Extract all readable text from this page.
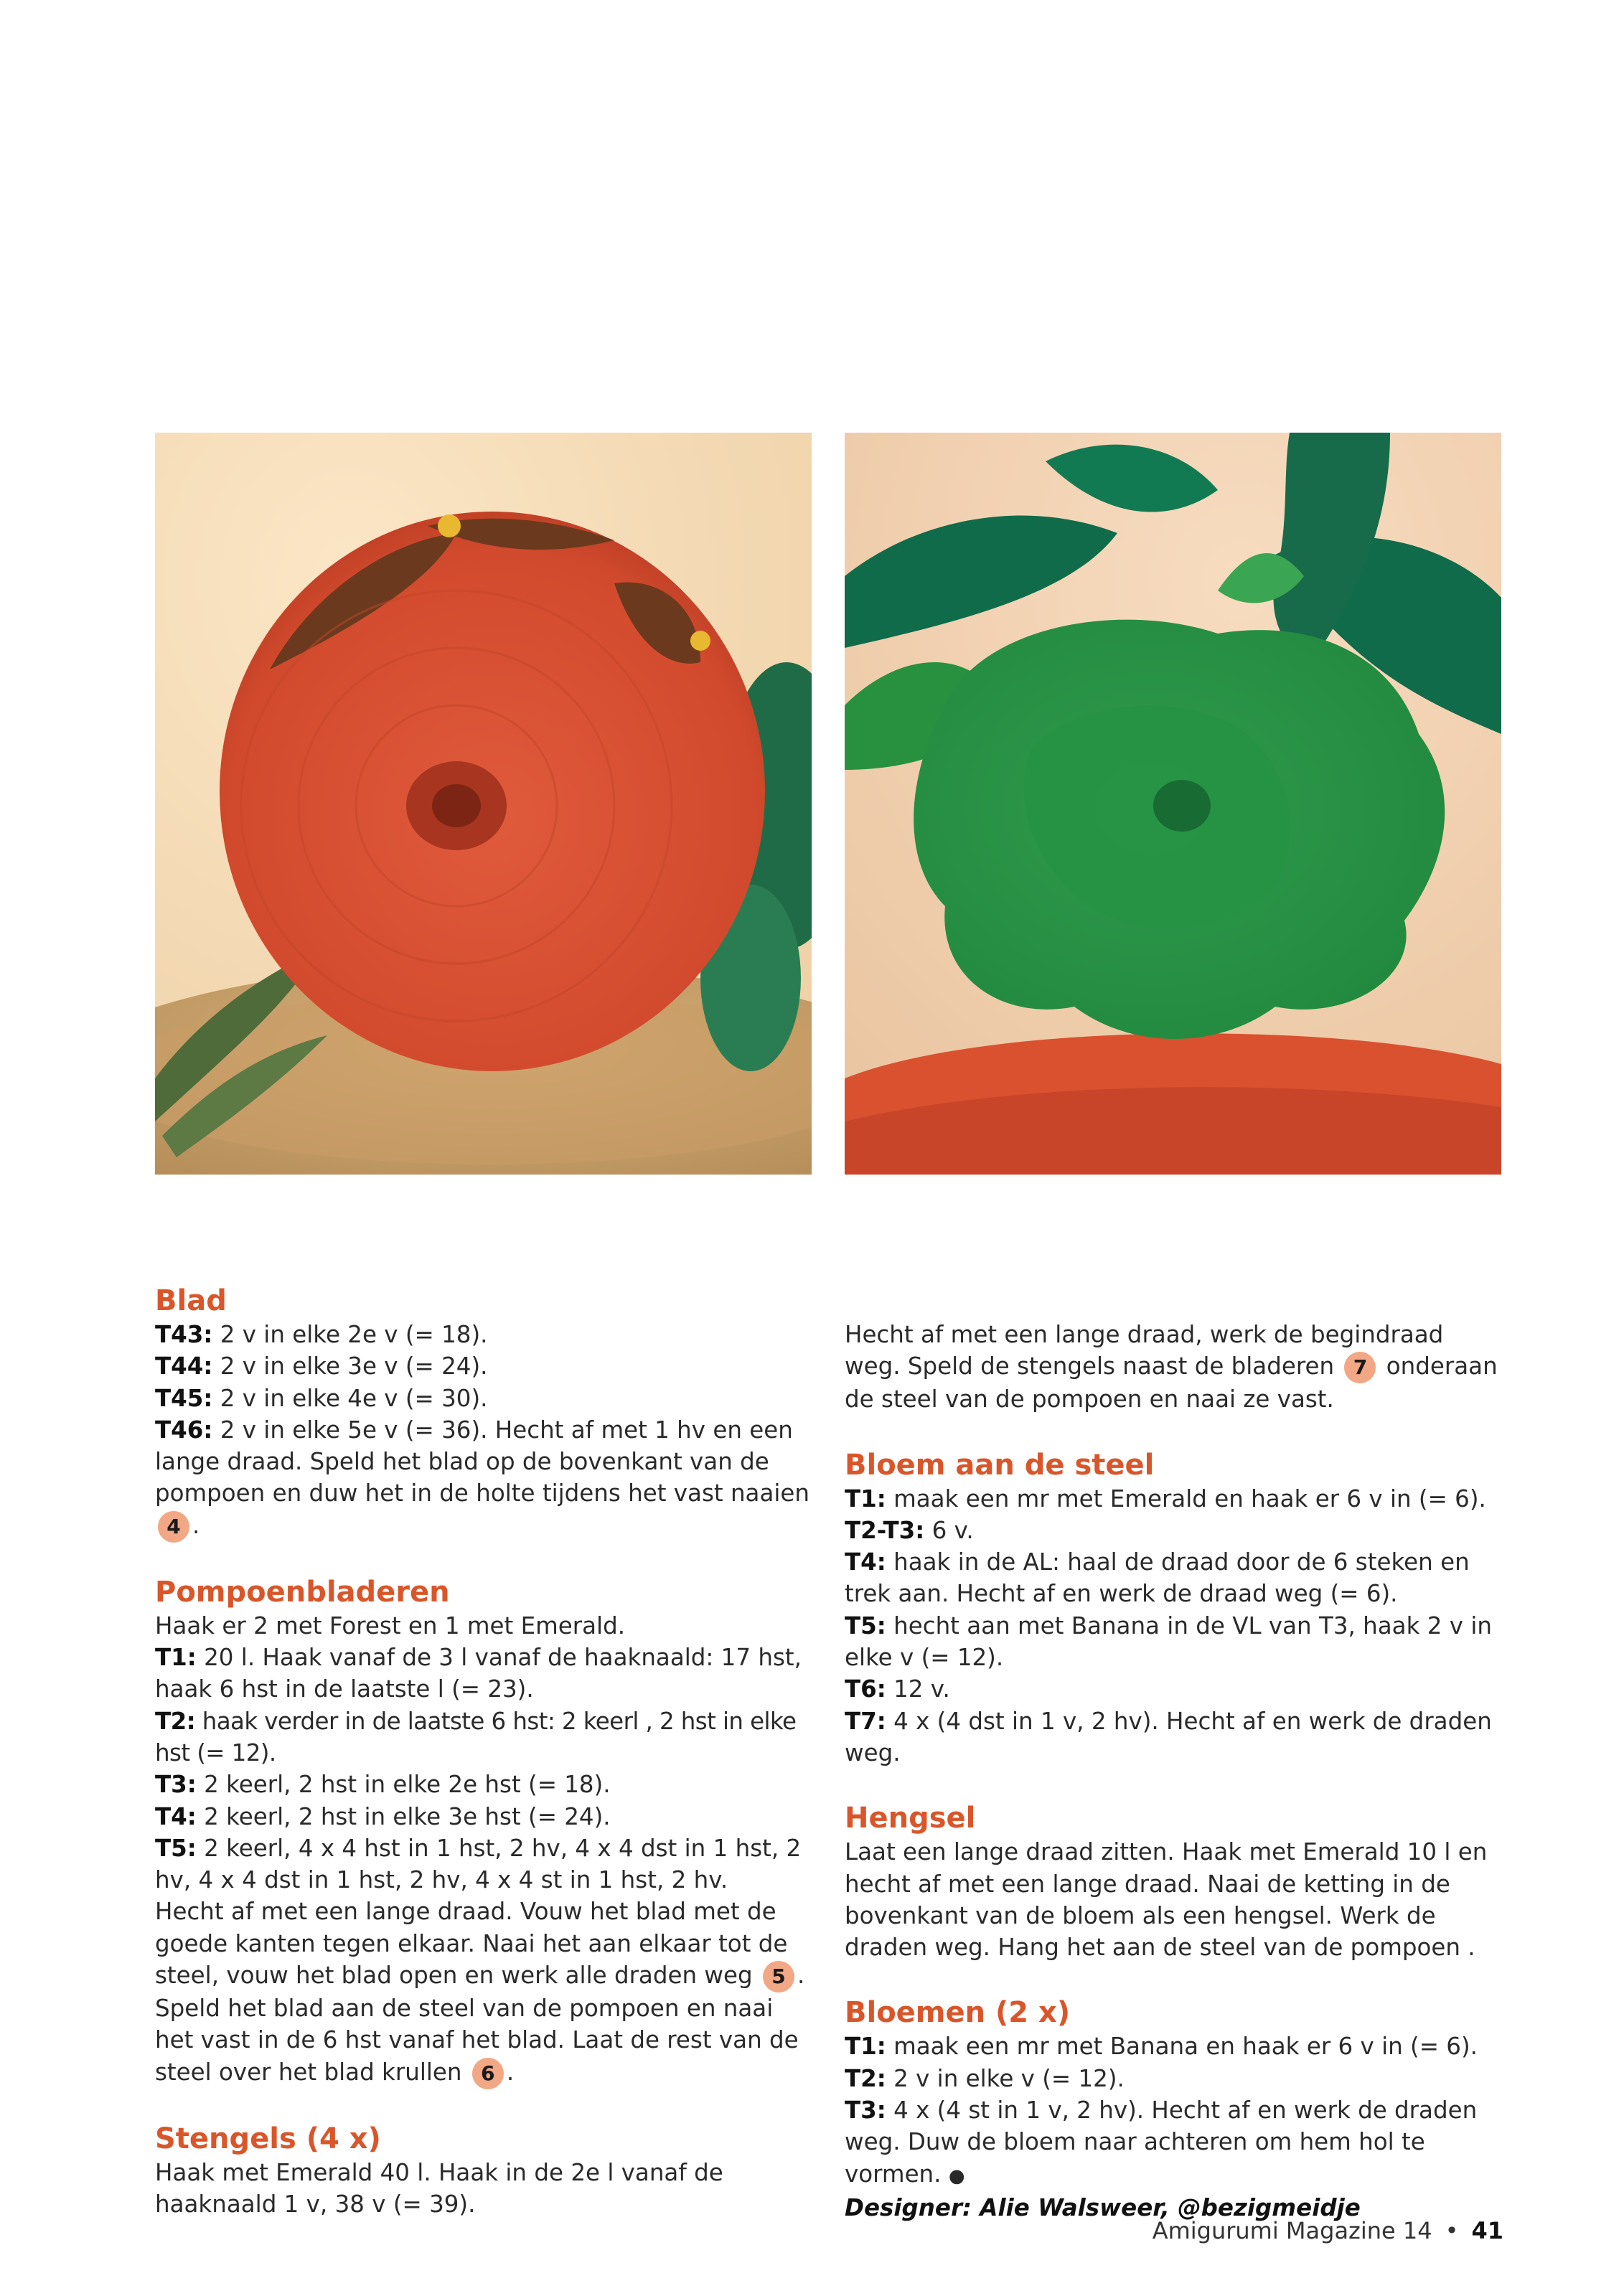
Blad

T43: 2 v in elke 2e v (= 18).

T44: 2 v in elke 3e v (= 24).

T45: 2 v in elke 4e v (= 30).

T46: 2 v in elke 5e v (= 36). Hecht af met 1 hv en een lange draad. Speld het blad op de bovenkant van de pompoen en duw het in de holte tijdens het vast naaien 4 .

Pompoenbladeren

Haak er 2 met Forest en 1 met Emerald.

T1: 20 l. Haak vanaf de 3 l vanaf de haaknaald: 17 hst, haak 6 hst in de laatste l (= 23).

T2: haak verder in de laatste 6 hst: 2 keerl , 2 hst in elke hst (= 12).

T3: 2 keerl, 2 hst in elke 2e hst (= 18).

T4: 2 keerl, 2 hst in elke 3e hst (= 24).

T5: 2 keerl, 4 x 4 hst in 1 hst, 2 hv, 4 x 4 dst in 1 hst, 2 hv, 4 x 4 dst in 1 hst, 2 hv, 4 x 4 st in 1 hst, 2 hv.

Hecht af met een lange draad. Vouw het blad met de goede kanten tegen elkaar. Naai het aan elkaar tot de steel, vouw het blad open en werk alle draden weg 5 .

Speld het blad aan de steel van de pompoen en naai het vast in de 6 hst vanaf het blad. Laat de rest van de steel over het blad krullen 6 .

Stengels (4 x)

Haak met Emerald 40 l. Haak in de 2e l vanaf de haaknaald 1 v, 38 v (= 39).

Hecht af met een lange draad, werk de begindraad weg. Speld de stengels naast de bladeren 7 onderaan de steel van de pompoen en naai ze vast.

Bloem aan de steel

T1: maak een mr met Emerald en haak er 6 v in (= 6).

T2-T3: 6 v.

T4: haak in de AL: haal de draad door de 6 steken en trek aan. Hecht af en werk de draad weg (= 6).

T5: hecht aan met Banana in de VL van T3, haak 2 v in elke v (= 12).

T6: 12 v.

T7: 4 x (4 dst in 1 v, 2 hv). Hecht af en werk de draden weg.

Hengsel

Laat een lange draad zitten. Haak met Emerald 10 l en hecht af met een lange draad. Naai de ketting in de bovenkant van de bloem als een hengsel. Werk de draden weg. Hang het aan de steel van de pompoen .

Bloemen (2 x)

T1: maak een mr met Banana en haak er 6 v in (= 6).

T2: 2 v in elke v (= 12).

T3: 4 x (4 st in 1 v, 2 hv). Hecht af en werk de draden weg. Duw de bloem naar achteren om hem hol te vormen. ●

Designer: Alie Walsweer, @bezigmeidje

Amigurumi Magazine 14 • 41
